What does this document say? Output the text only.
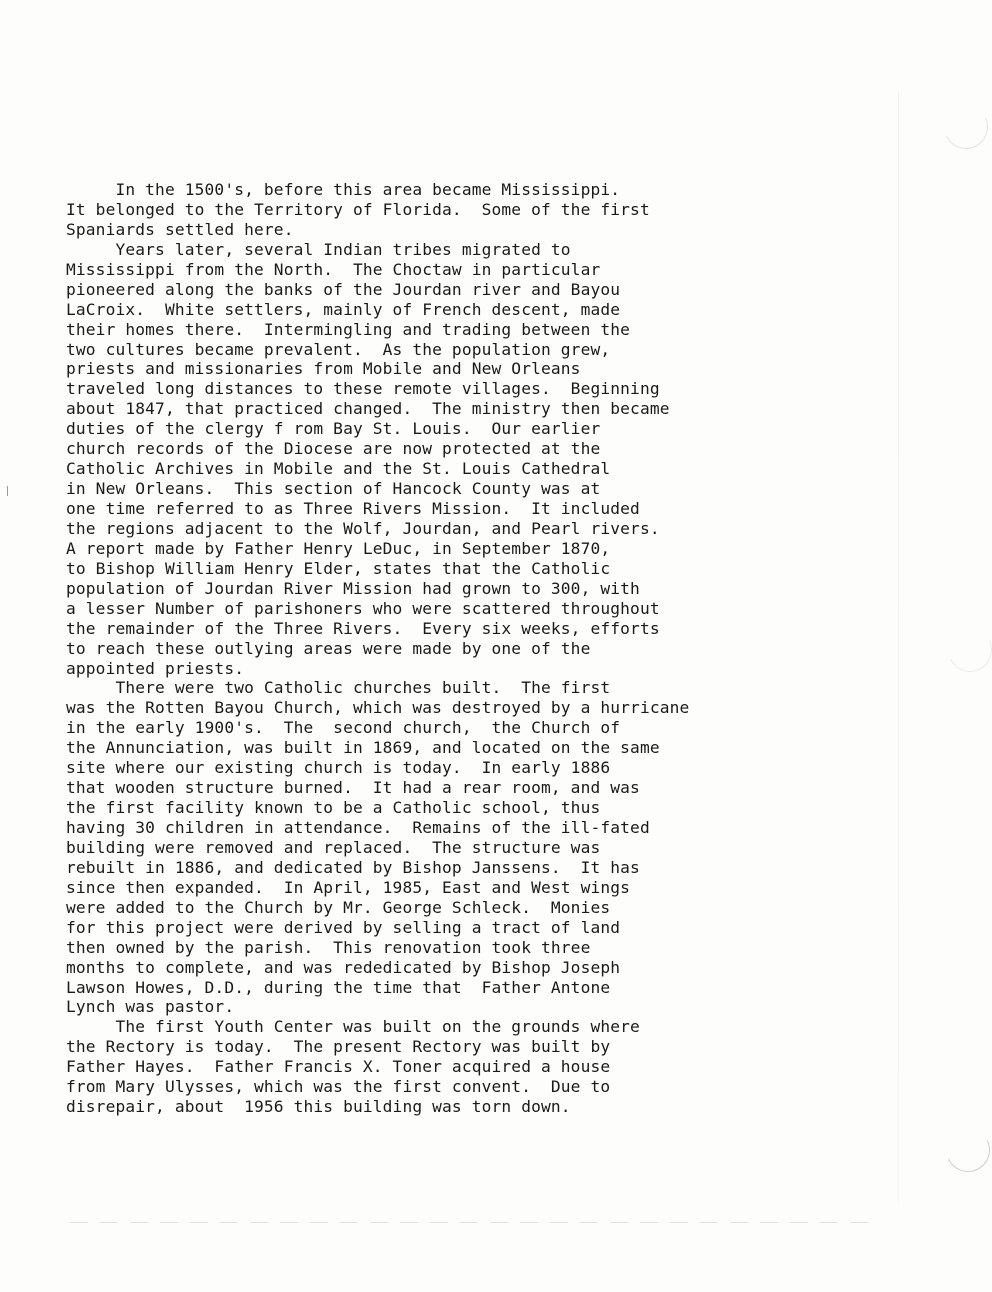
In the 1500's, before this area became Mississippi.
It belonged to the Territory of Florida.  Some of the first
Spaniards settled here.
Years later, several Indian tribes migrated to
Mississippi from the North.  The Choctaw in particular
pioneered along the banks of the Jourdan river and Bayou
LaCroix.  White settlers, mainly of French descent, made
their homes there.  Intermingling and trading between the
two cultures became prevalent.  As the population grew,
priests and missionaries from Mobile and New Orleans
traveled long distances to these remote villages.  Beginning
about 1847, that practiced changed.  The ministry then became
duties of the clergy f rom Bay St. Louis.  Our earlier
church records of the Diocese are now protected at the
Catholic Archives in Mobile and the St. Louis Cathedral
in New Orleans.  This section of Hancock County was at
one time referred to as Three Rivers Mission.  It included
the regions adjacent to the Wolf, Jourdan, and Pearl rivers.
A report made by Father Henry LeDuc, in September 1870,
to Bishop William Henry Elder, states that the Catholic
population of Jourdan River Mission had grown to 300, with
a lesser Number of parishoners who were scattered throughout
the remainder of the Three Rivers.  Every six weeks, efforts
to reach these outlying areas were made by one of the
appointed priests.
There were two Catholic churches built.  The first
was the Rotten Bayou Church, which was destroyed by a hurricane
in the early 1900's.  The  second church,  the Church of
the Annunciation, was built in 1869, and located on the same
site where our existing church is today.  In early 1886
that wooden structure burned.  It had a rear room, and was
the first facility known to be a Catholic school, thus
having 30 children in attendance.  Remains of the ill-fated
building were removed and replaced.  The structure was
rebuilt in 1886, and dedicated by Bishop Janssens.  It has
since then expanded.  In April, 1985, East and West wings
were added to the Church by Mr. George Schleck.  Monies
for this project were derived by selling a tract of land
then owned by the parish.  This renovation took three
months to complete, and was rededicated by Bishop Joseph
Lawson Howes, D.D., during the time that  Father Antone
Lynch was pastor.
The first Youth Center was built on the grounds where
the Rectory is today.  The present Rectory was built by
Father Hayes.  Father Francis X. Toner acquired a house
from Mary Ulysses, which was the first convent.  Due to
disrepair, about  1956 this building was torn down.
